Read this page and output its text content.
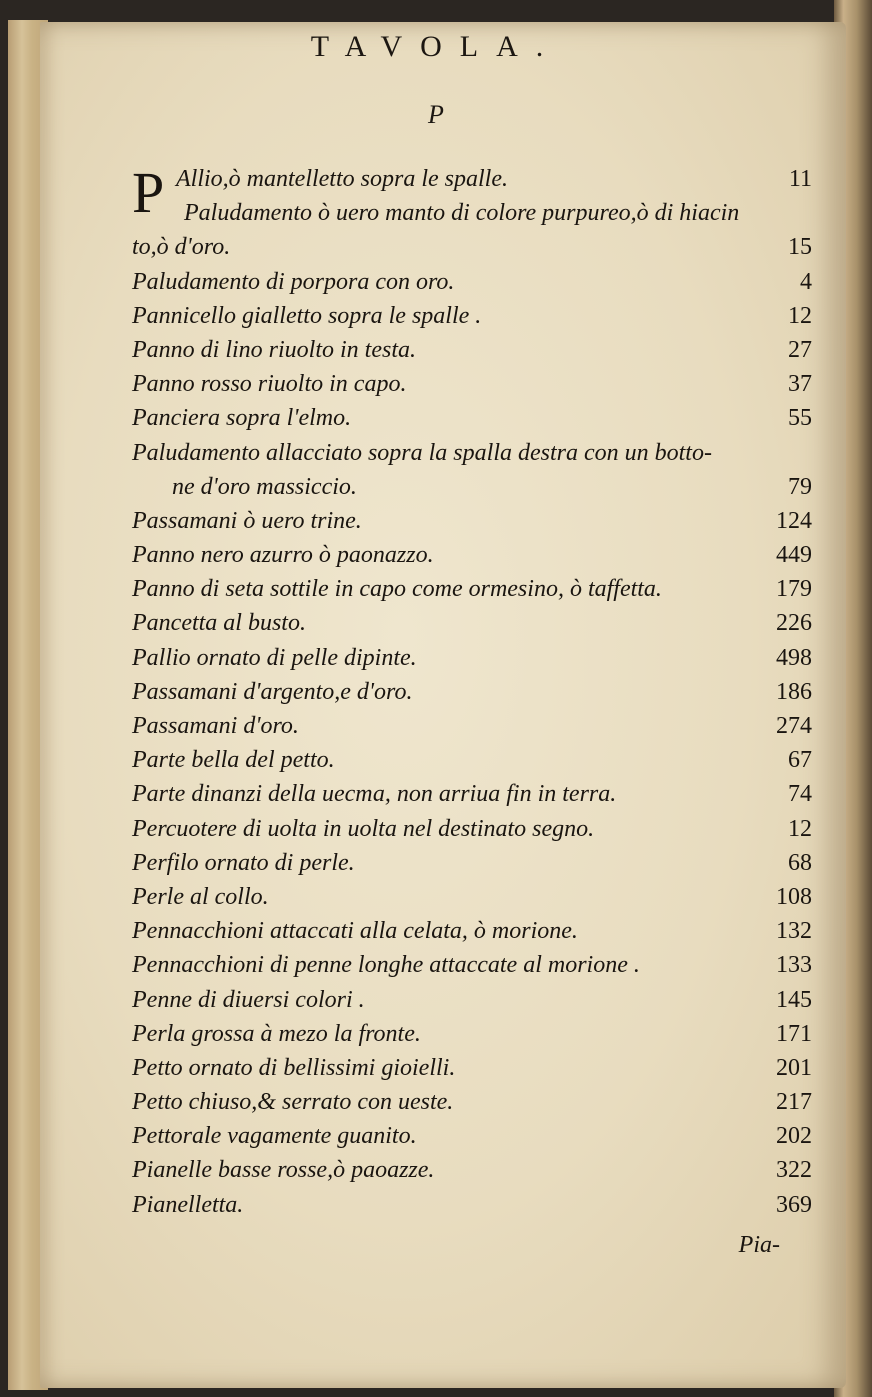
TAVOLA.
P
P Allio,ò mantelletto sopra le spalle.	11
Paludamento ò uero manto di colore purpureo,ò di hiacin
to,ò d'oro.	15
Paludamento di porpora con oro.	4
Pannicello gialletto sopra le spalle .	12
Panno di lino riuolto in testa.	27
Panno rosso riuolto in capo.	37
Panciera sopra l'elmo.	55
Paludamento allacciato sopra la spalla destra con un botto-
ne d'oro massiccio.	79
Passamani ò uero trine.	124
Panno nero azurro ò paonazzo.	449
Panno di seta sottile in capo come ormesino, ò taffetta.	179
Pancetta al busto.	226
Pallio ornato di pelle dipinte.	498
Passamani d'argento,e d'oro.	186
Passamani d'oro.	274
Parte bella del petto.	67
Parte dinanzi della ueста, non arriua fin in terra.	74
Percuotere di uolta in uolta nel destinato segno.	12
Perfilo ornato di perle.	68
Perle al collo.	108
Pennacchioni attaccati alla celata, ò morione.	132
Pennacchioni di penne longhe attaccate al morione .	133
Penne di diuersi colori .	145
Perla grossa à mezo la fronte.	171
Petto ornato di bellissimi gioielli.	201
Petto chiuso,& serrato con ueste.	217
Pettorale vagamente guanito.	202
Pianelle basse rosse,ò paoazze.	322
Pianelletta.	369
Pia-
